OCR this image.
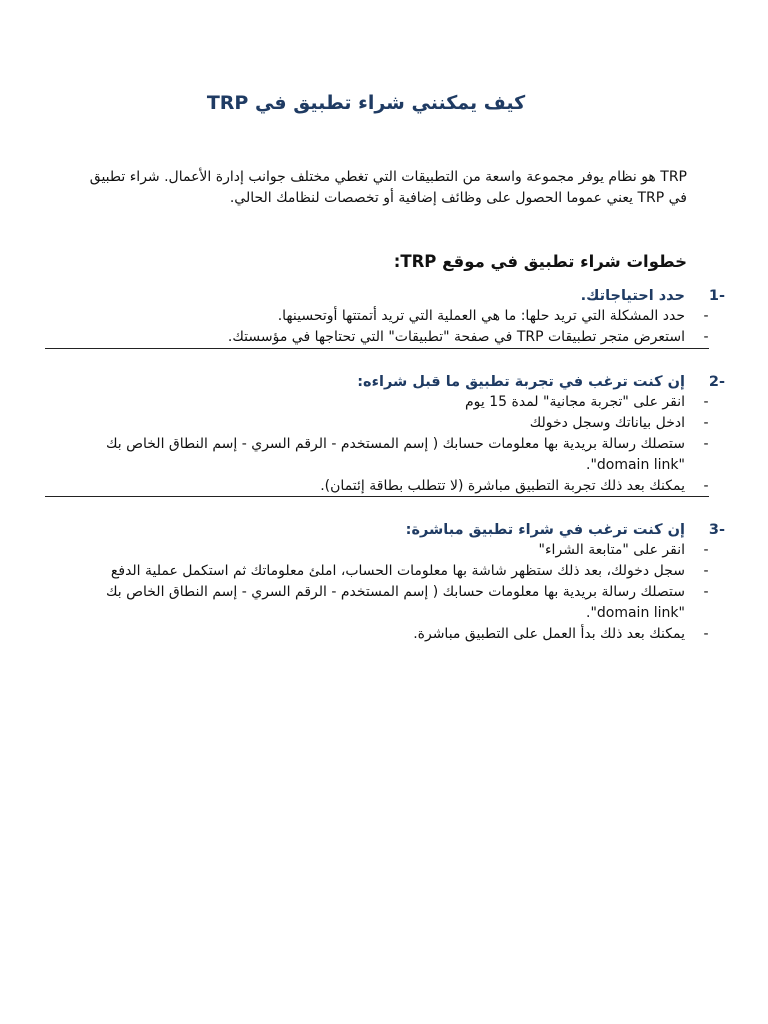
كيف يمكنني شراء تطبيق في TRP

TRP هو نظام يوفر مجموعة واسعة من التطبيقات التي تغطي مختلف جوانب إدارة الأعمال. شراء تطبيق في TRP يعني عموما الحصول على وظائف إضافية أو تخصصات لنظامك الحالي.

خطوات شراء تطبيق في موقع TRP:
1-
حدد احتياجاتك.
-
حدد المشكلة التي تريد حلها: ما هي العملية التي تريد أتمتتها أوتحسينها.
-
استعرض متجر تطبيقات TRP في صفحة "تطبيقات" التي تحتاجها في مؤسستك.
2-
إن كنت ترغب في تجربة تطبيق ما قبل شراءه:
-
انقر على "تجربة مجانية" لمدة 15 يوم
-
ادخل بياناتك وسجل دخولك
-
ستصلك رسالة بريدية بها معلومات حسابك ( إسم المستخدم - الرقم السري - إسم النطاق الخاص بك "domain link".
-
يمكنك بعد ذلك تجربة التطبيق مباشرة (لا تتطلب بطاقة إئتمان).
3-
إن كنت ترغب في شراء تطبيق مباشرة:
-
انقر على "متابعة الشراء"
-
سجل دخولك، بعد ذلك ستظهر شاشة بها معلومات الحساب، املئ معلوماتك ثم استكمل عملية الدفع
-
ستصلك رسالة بريدية بها معلومات حسابك ( إسم المستخدم - الرقم السري - إسم النطاق الخاص بك "domain link".
-
يمكنك بعد ذلك بدأ العمل على التطبيق مباشرة.
